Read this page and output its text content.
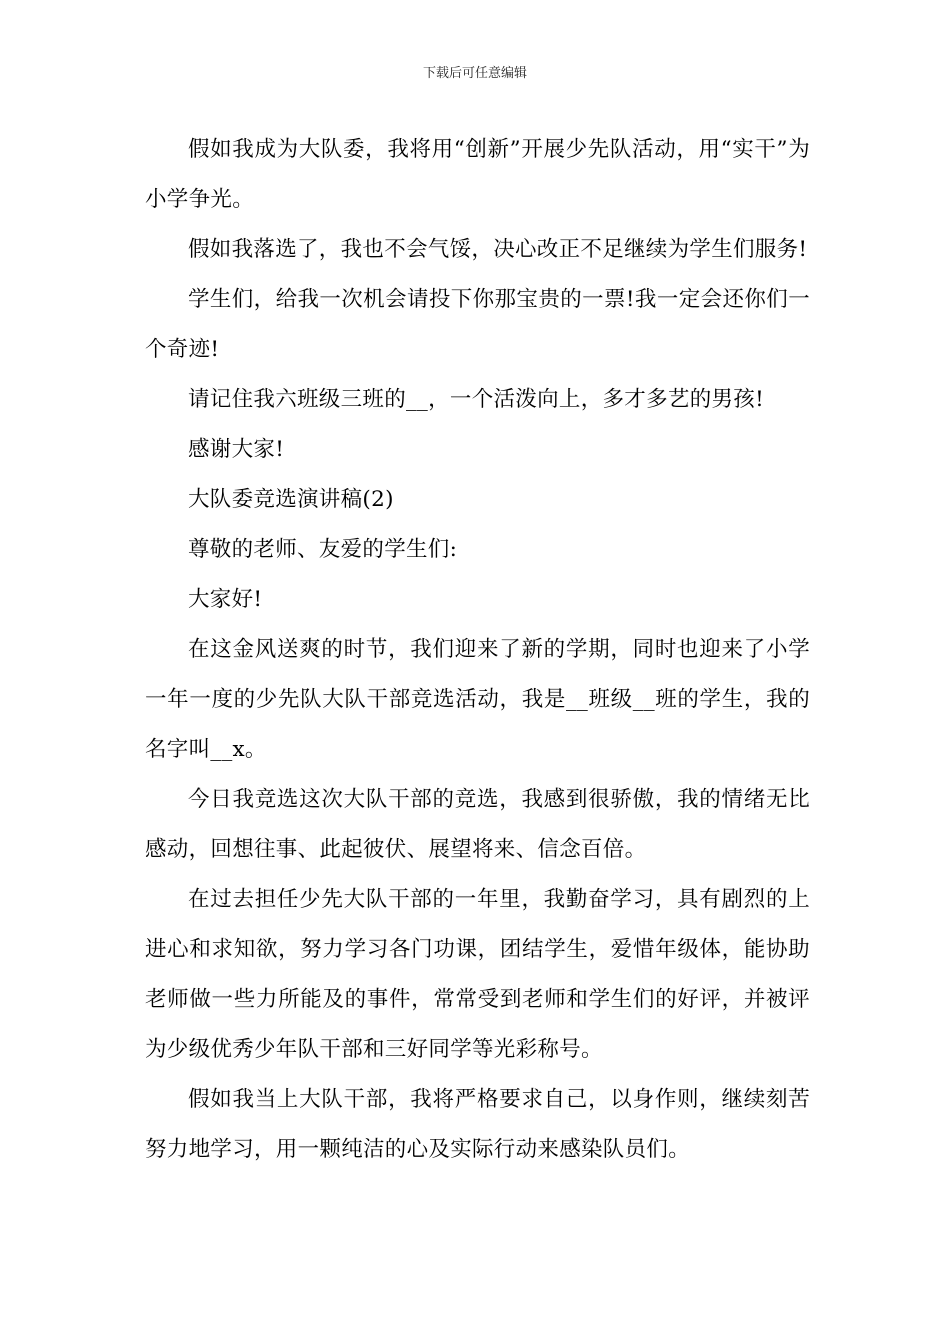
下载后可任意编辑

假如我成为大队委，我将用“创新”开展少先队活动，用“实干”为小学争光。

假如我落选了，我也不会气馁，决心改正不足继续为学生们服务!

学生们，给我一次机会请投下你那宝贵的一票!我一定会还你们一个奇迹!

请记住我六班级三班的__，一个活泼向上，多才多艺的男孩!

感谢大家!

大队委竞选演讲稿(2)

尊敬的老师、友爱的学生们:

大家好!

在这金风送爽的时节，我们迎来了新的学期，同时也迎来了小学一年一度的少先队大队干部竞选活动，我是__班级__班的学生，我的名字叫__x。

今日我竞选这次大队干部的竞选，我感到很骄傲，我的情绪无比感动，回想往事、此起彼伏、展望将来、信念百倍。

在过去担任少先大队干部的一年里，我勤奋学习，具有剧烈的上进心和求知欲，努力学习各门功课，团结学生，爱惜年级体，能协助老师做一些力所能及的事件，常常受到老师和学生们的好评，并被评为少级优秀少年队干部和三好同学等光彩称号。

假如我当上大队干部，我将严格要求自己，以身作则，继续刻苦努力地学习，用一颗纯洁的心及实际行动来感染队员们。
